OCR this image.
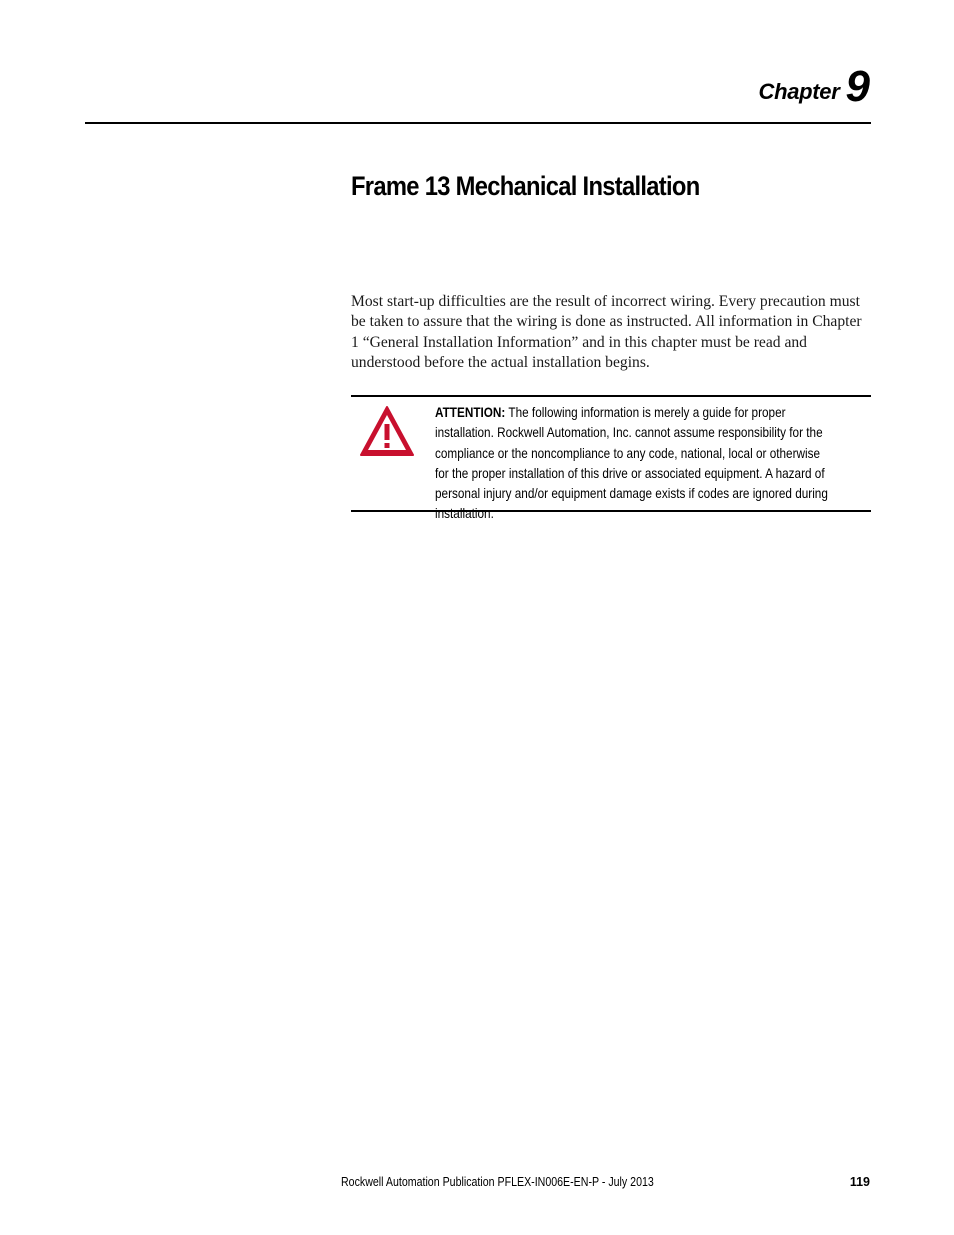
Chapter 9
Frame 13 Mechanical Installation

Most start-up difficulties are the result of incorrect wiring. Every precaution must be taken to assure that the wiring is done as instructed. All information in Chapter 1 “General Installation Information” and in this chapter must be read and understood before the actual installation begins.

ATTENTION: The following information is merely a guide for proper installation. Rockwell Automation, Inc. cannot assume responsibility for the compliance or the noncompliance to any code, national, local or otherwise for the proper installation of this drive or associated equipment. A hazard of personal injury and/or equipment damage exists if codes are ignored during installation.
Rockwell Automation Publication PFLEX-IN006E-EN-P - July 2013	119
